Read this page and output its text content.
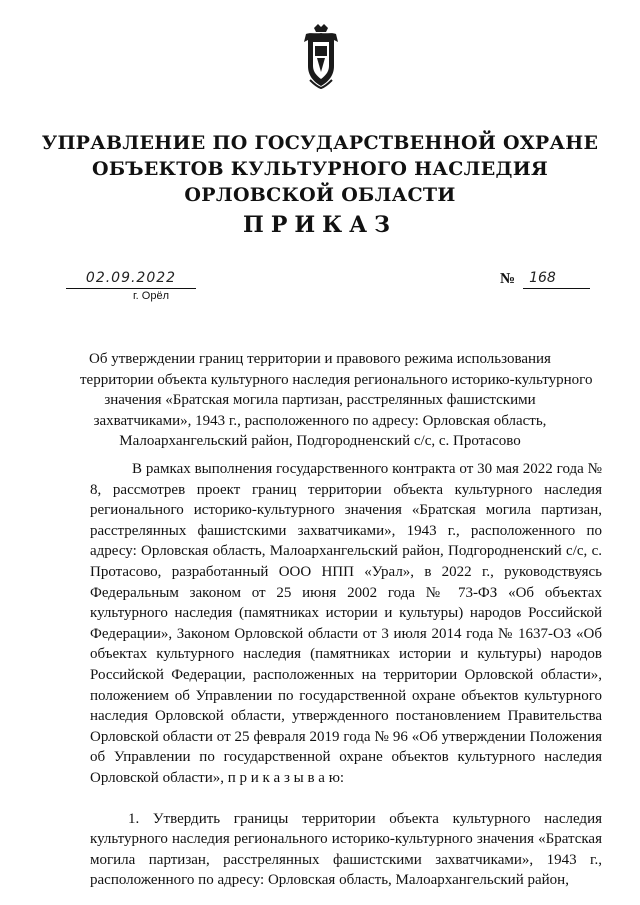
УПРАВЛЕНИЕ ПО ГОСУДАРСТВЕННОЙ ОХРАНЕ
ОБЪЕКТОВ КУЛЬТУРНОГО НАСЛЕДИЯ
ОРЛОВСКОЙ ОБЛАСТИ
ПРИКАЗ
02.09.2022
г. Орёл
№	168
Об утверждении границ территории и правового режима использования
территории объекта культурного наследия регионального историко-культурного
значения «Братская могила партизан, расстрелянных фашистскими
захватчиками», 1943 г., расположенного по адресу: Орловская область,
Малоархангельский район, Подгородненский с/с, с. Протасово

В рамках выполнения государственного контракта от 30 мая 2022 года № 8, рассмотрев проект границ территории объекта культурного наследия регионального историко-культурного значения «Братская могила партизан, расстрелянных фашистскими захватчиками», 1943 г., расположенного по адресу: Орловская область, Малоархангельский район, Подгородненский с/с, с. Протасово, разработанный ООО НПП «Урал», в 2022 г., руководствуясь Федеральным законом от 25 июня 2002 года № 73-ФЗ «Об объектах культурного наследия (памятниках истории и культуры) народов Российской Федерации», Законом Орловской области от 3 июля 2014 года № 1637-ОЗ «Об объектах культурного наследия (памятниках истории и культуры) народов Российской Федерации, расположенных на территории Орловской области», положением об Управлении по государственной охране объектов культурного наследия Орловской области, утвержденного постановлением Правительства Орловской области от 25 февраля 2019 года № 96 «Об утверждении Положения об Управлении по государственной охране объектов культурного наследия Орловской области», п р и к а з ы в а ю:

1. Утвердить границы территории объекта культурного наследия культурного наследия регионального историко-культурного значения «Братская могила партизан, расстрелянных фашистскими захватчиками», 1943 г., расположенного по адресу: Орловская область, Малоархангельский район,
